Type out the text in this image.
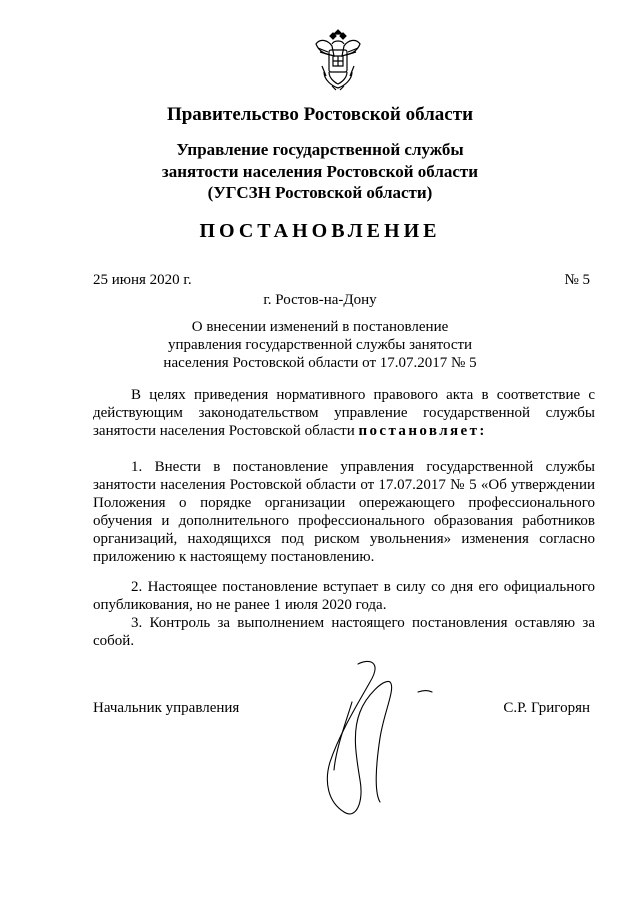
Правительство Ростовской области
Управление государственной службы
занятости населения Ростовской области
(УГСЗН Ростовской области)
ПОСТАНОВЛЕНИЕ
25 июня 2020 г.	№ 5
г. Ростов-на-Дону
О внесении изменений в постановление
управления государственной службы занятости
населения Ростовской области от 17.07.2017 № 5
В целях приведения нормативного правового акта в соответствие с действующим законодательством управление государственной службы занятости населения Ростовской области постановляет:
1. Внести в постановление управления государственной службы занятости населения Ростовской области от 17.07.2017 № 5 «Об утверждении Положения о порядке организации опережающего профессионального обучения и дополнительного профессионального образования работников организаций, находящихся под риском увольнения» изменения согласно приложению к настоящему постановлению.
2. Настоящее постановление вступает в силу со дня его официального опубликования, но не ранее 1 июля 2020 года.
3. Контроль за выполнением настоящего постановления оставляю за собой.
Начальник управления	С.Р. Григорян
